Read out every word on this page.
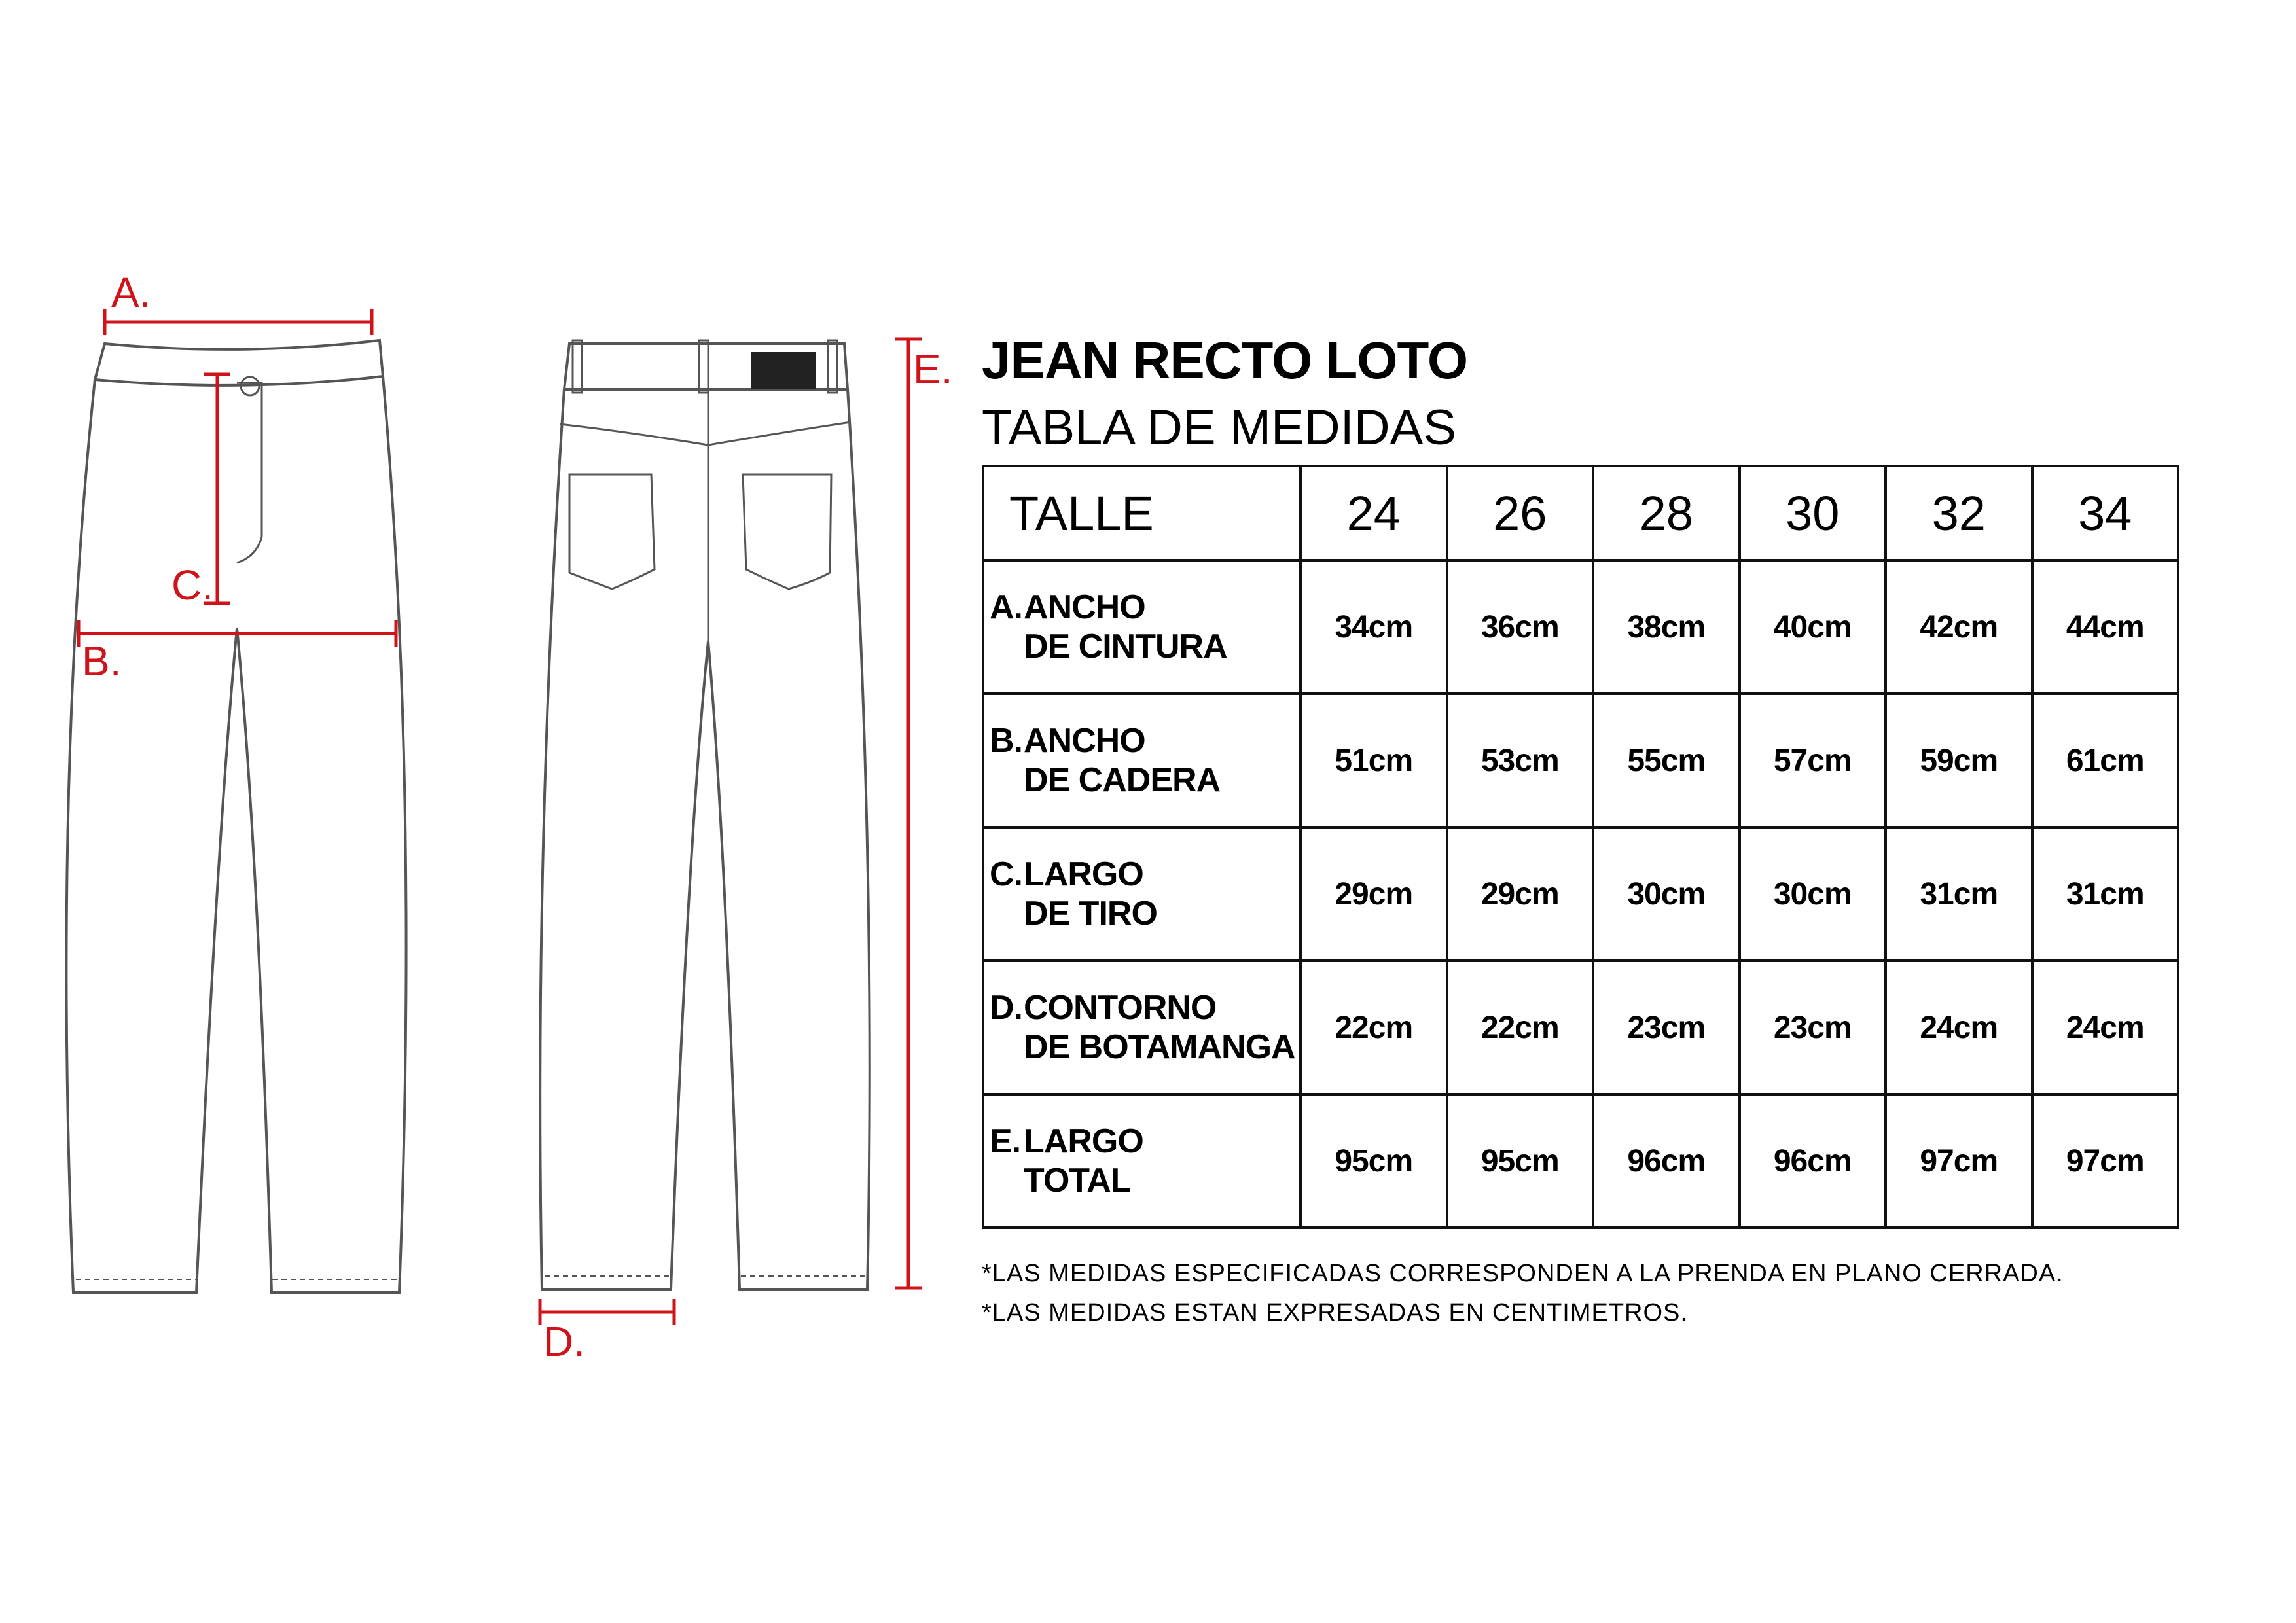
A.
B.
C.
D.
E. JEAN RECTO LOTO
TABLA DE MEDIDAS
TALLE	24	26	28	30	32	34
A.ANCHO
DE CINTURA	34cm	36cm	38cm	40cm	42cm	44cm
B.ANCHO
DE CADERA	51cm	53cm	55cm	57cm	59cm	61cm
C.LARGO
DE TIRO	29cm	29cm	30cm	30cm	31cm	31cm
D.CONTORNO
DE BOTAMANGA	22cm	22cm	23cm	23cm	24cm	24cm
E.LARGO
TOTAL	95cm	95cm	96cm	96cm	97cm	97cm
*LAS MEDIDAS ESPECIFICADAS CORRESPONDEN A LA PRENDA EN PLANO CERRADA.
*LAS MEDIDAS ESTAN EXPRESADAS EN CENTIMETROS.
